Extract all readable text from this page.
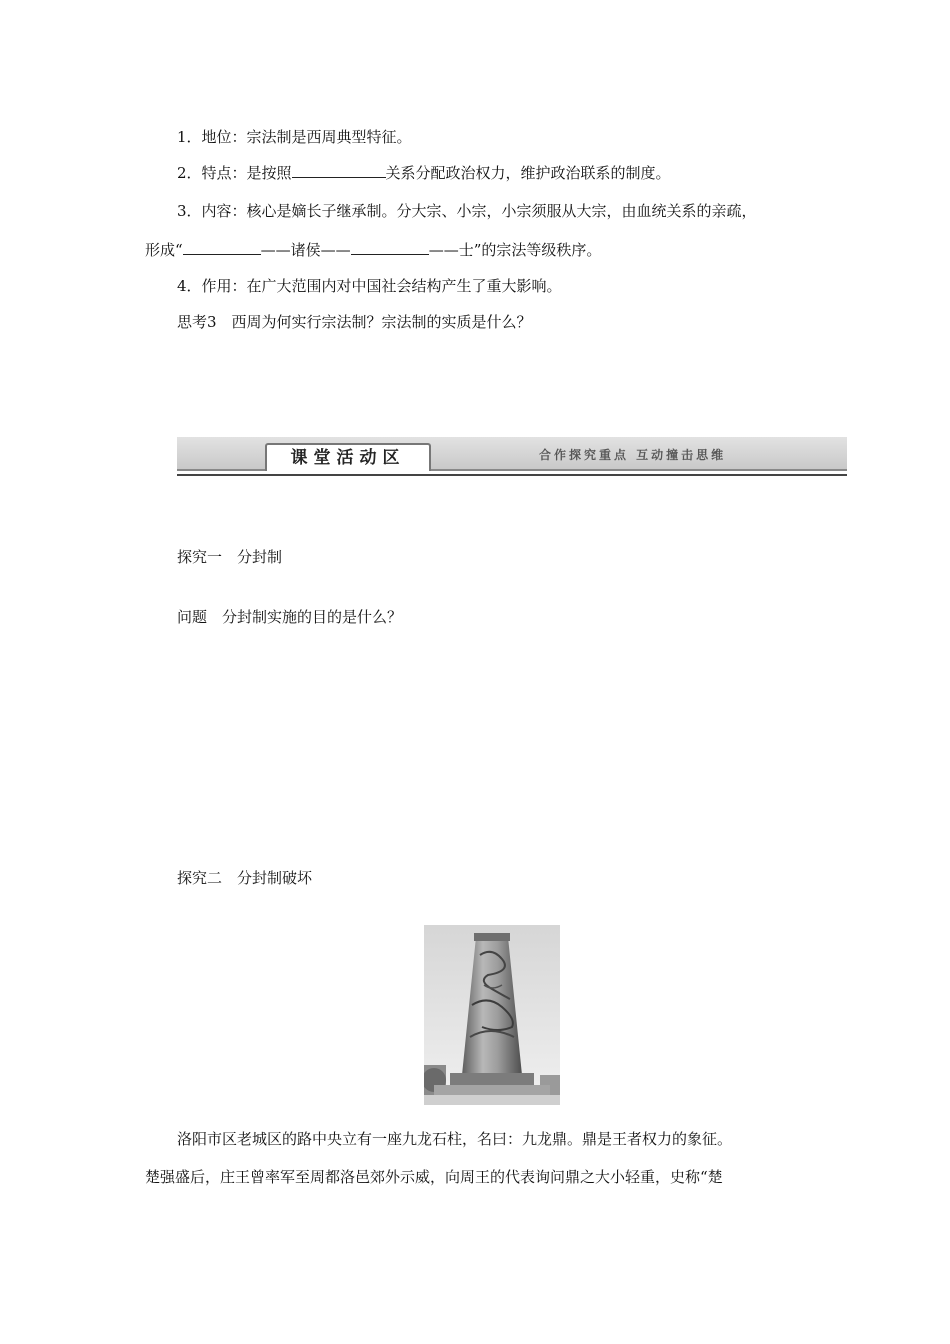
1．地位：宗法制是西周典型特征。
2．特点：是按照	关系分配政治权力，维护政治联系的制度。
3．内容：核心是嫡长子继承制。分大宗、小宗，小宗须服从大宗，由血统关系的亲疏，
形成“	——诸侯——	——士”的宗法等级秩序。
4．作用：在广大范围内对中国社会结构产生了重大影响。
思考3　西周为何实行宗法制？宗法制的实质是什么？
课堂活动区	合作探究重点 互动撞击思维
探究一　分封制
问题　分封制实施的目的是什么？
探究二　分封制破坏
洛阳市区老城区的路中央立有一座九龙石柱，名曰：九龙鼎。鼎是王者权力的象征。
楚强盛后，庄王曾率军至周都洛邑郊外示威，向周王的代表询问鼎之大小轻重，史称“楚
